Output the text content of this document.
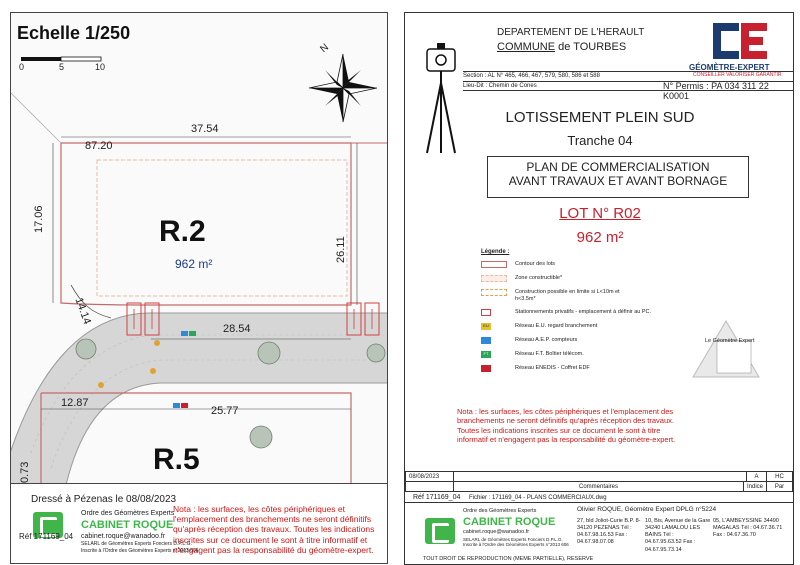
Echelle 1/250
0	5	10
N
R.2
962 m²
R.5
37.54
87.20
17.06
26.11
14.14
28.54
12.87
25.77
0.73
Dressé à Pézenas le 08/08/2023
Nota : les surfaces, les côtes périphériques et l'emplacement des branchements ne seront définitifs qu'après réception des travaux. Toutes les indications inscrites sur ce document le sont à titre informatif et n'engagent pas la responsabilité du géomètre-expert.
Ordre des Géomètres Experts
CABINET ROQUE
cabinet.roque@wanadoo.fr
SELARL de Géomètres Experts Fonciers D.P.L.G.
Inscrite à l'Ordre des Géomètres Experts n°2013 606
Réf 171169_04
DEPARTEMENT DE L'HERAULT
COMMUNE de TOURBES
GÉOMÈTRE-EXPERT
CONSEILLER VALORISER GARANTIR
Section : AL N° 465, 466, 467, 579, 580, 586 et 588
Lieu-Dit : Chemin de Cones	N° Permis : PA 034 311 22 K0001
LOTISSEMENT PLEIN SUD
Tranche 04
PLAN DE COMMERCIALISATION
AVANT TRAVAUX ET AVANT BORNAGE
LOT N° R02
962 m²
Légende :
Contour des lots
Zone constructible*
Construction possible en limite si L<10m et h<3.5m*
Stationnements privatifs - emplacement à définir au PC.
EU	Réseau E.U. regard branchement
Réseau A.E.P. compteurs
FT	Réseau F.T. Boîtier télécom.
Réseau ENEDIS - Coffret EDF
Le Géomètre Expert
Nota : les surfaces, les côtes périphériques et l'emplacement des branchements ne seront définitifs qu'après réception des travaux. Toutes les indications inscrites sur ce document le sont à titre informatif et n'engagent pas la responsabilité du géomètre-expert.
	Commentaires	Indice	Par
08/08/2023		A	HC
Réf 171169_04 Fichier : 171169_04 - PLANS COMMERCIAUX.dwg
Ordre des Géomètres Experts
CABINET ROQUE
cabinet.roque@wanadoo.fr
SELARL de Géomètres Experts Fonciers D.P.L.G.
Inscrite à l'Ordre des Géomètres Experts n°2013 606
Olivier ROQUE, Géomètre Expert DPLG n°5224
27, bld Joliot-Curie B.P. 8-34120 PEZENAS Tél : 04.67.98.16.53 Fax : 04.67.98.07.08
10, Bis, Avenue de la Gare 34240 LAMALOU LES BAINS Tél : 04.67.95.63.52 Fax : 04.67.95.73.14
05, L'AMBEYSSINE 34490 MAGALAS Tél : 04.67.36.71 Fax : 04.67.36.70
TOUT DROIT DE REPRODUCTION (MEME PARTIELLE), RESERVE
